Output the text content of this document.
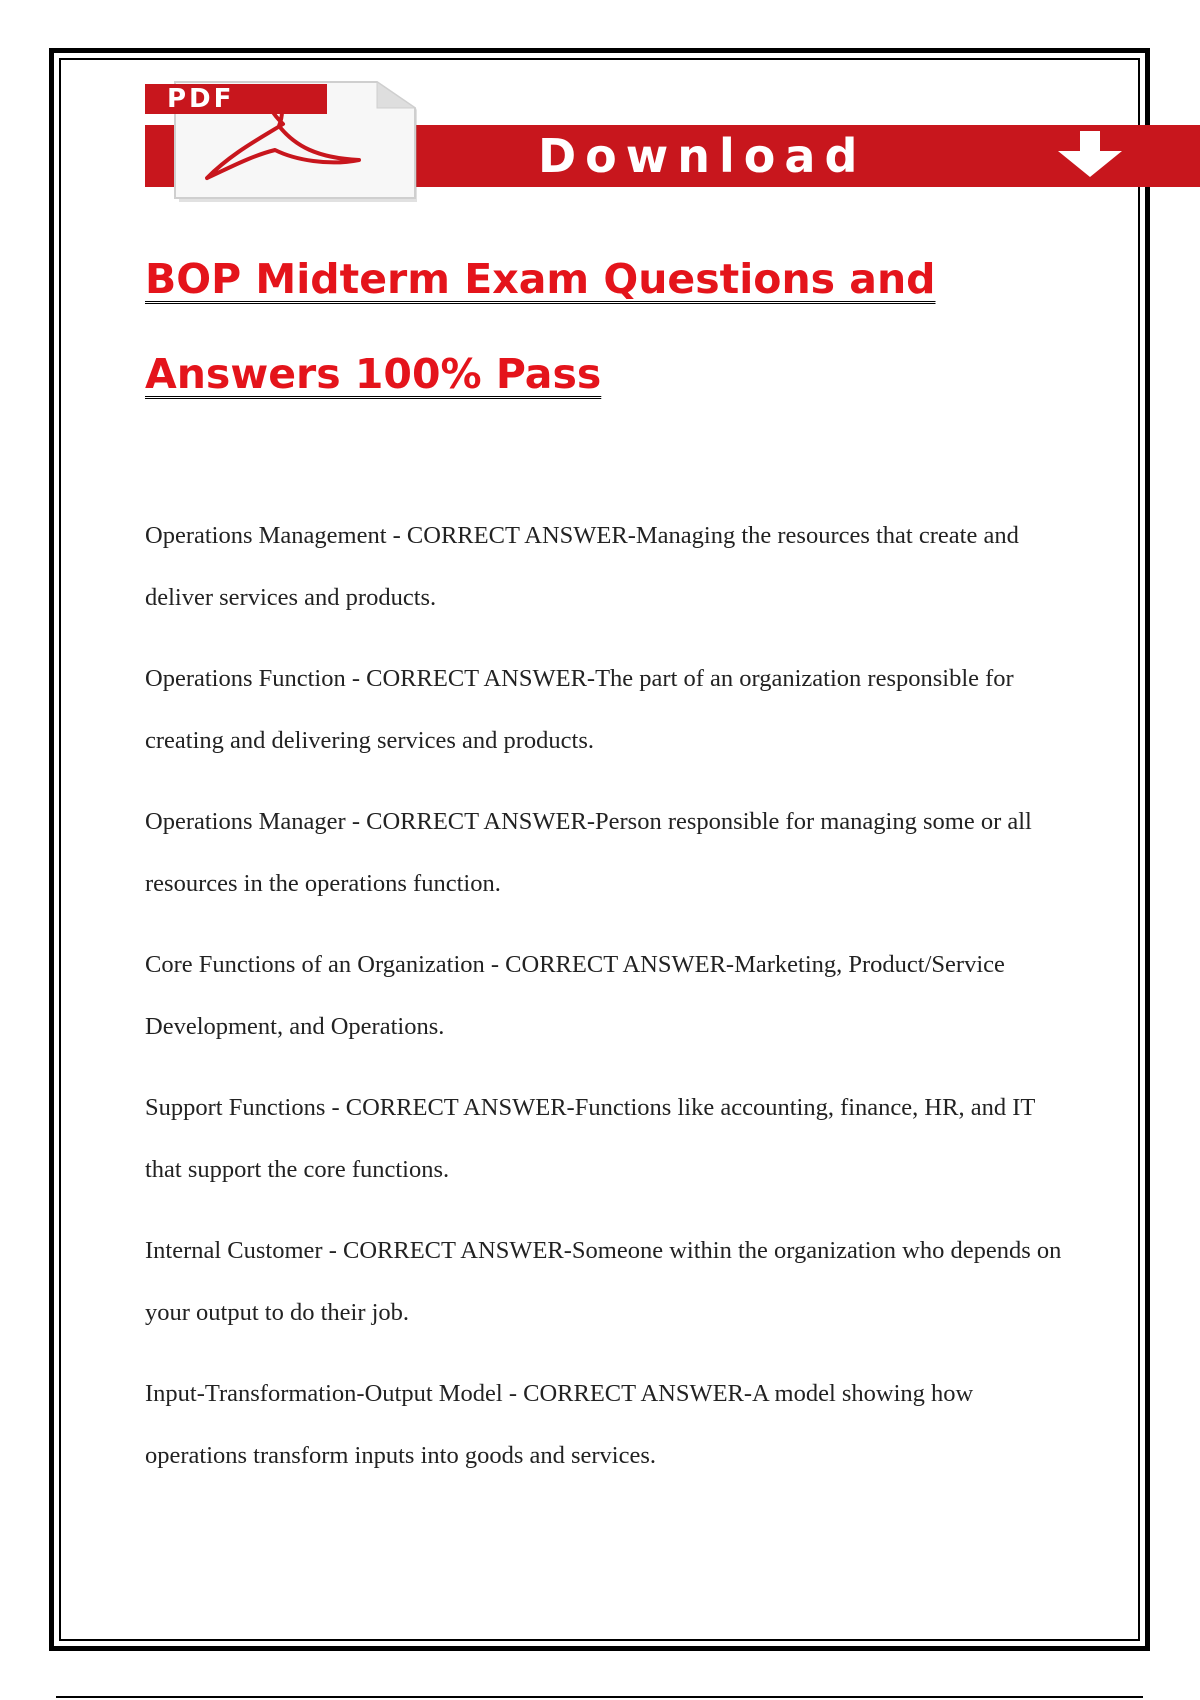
Download
PDF
BOP Midterm Exam Questions and Answers 100% Pass
Operations Management - CORRECT ANSWER-Managing the resources that create and deliver services and products.
Operations Function - CORRECT ANSWER-The part of an organization responsible for creating and delivering services and products.
Operations Manager - CORRECT ANSWER-Person responsible for managing some or all resources in the operations function.
Core Functions of an Organization - CORRECT ANSWER-Marketing, Product/Service Development, and Operations.
Support Functions - CORRECT ANSWER-Functions like accounting, finance, HR, and IT that support the core functions.
Internal Customer - CORRECT ANSWER-Someone within the organization who depends on your output to do their job.
Input-Transformation-Output Model - CORRECT ANSWER-A model showing how operations transform inputs into goods and services.
